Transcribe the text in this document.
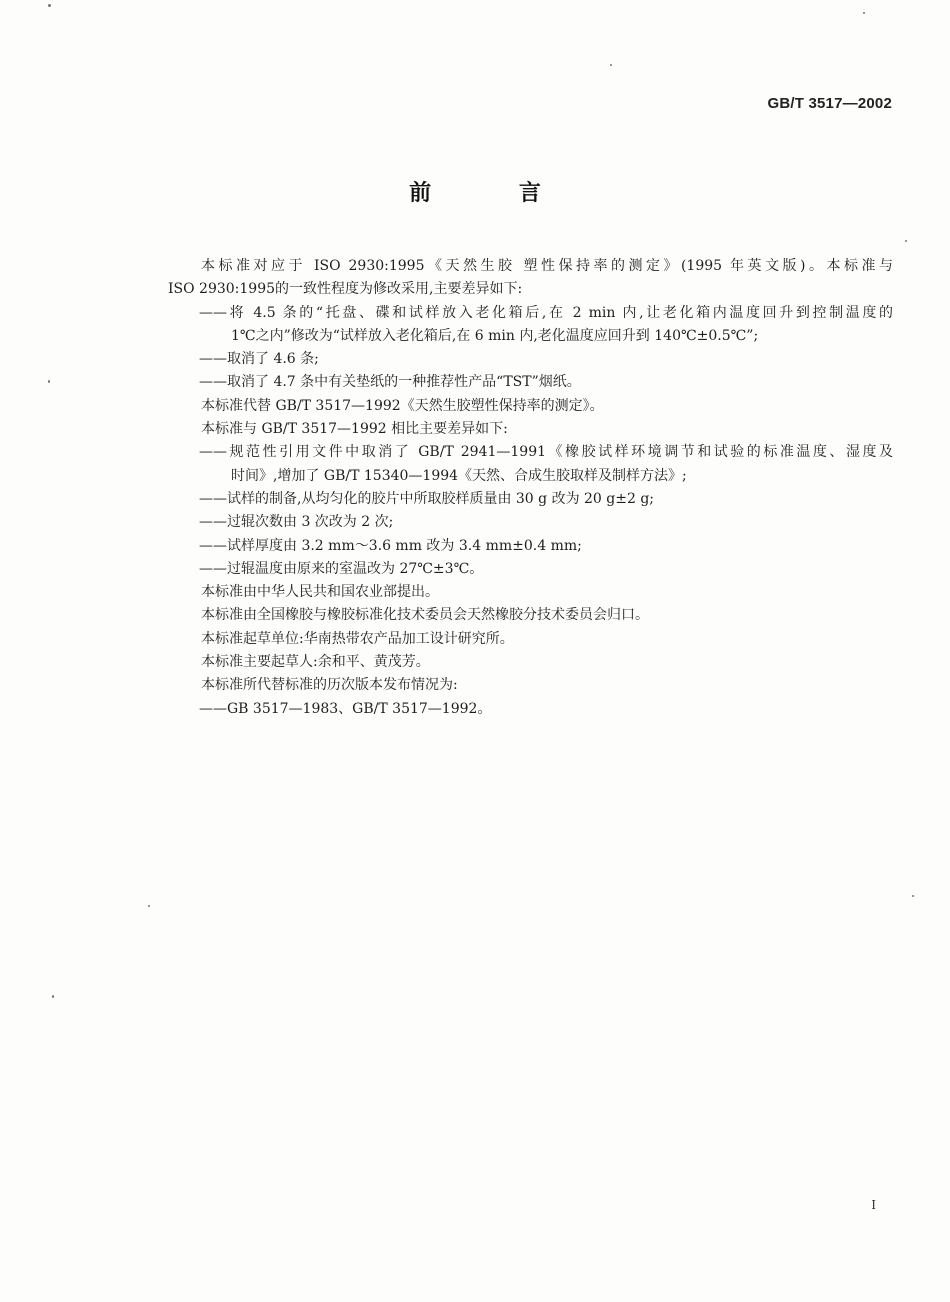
GB/T 3517—2002
前 言
本标准对应于 ISO 2930:1995《天然生胶 塑性保持率的测定》(1995 年英文版)。本标准与
ISO 2930:1995的一致性程度为修改采用,主要差异如下:
——将 4.5 条的“托盘、碟和试样放入老化箱后,在 2 min 内,让老化箱内温度回升到控制温度的
1℃之内”修改为“试样放入老化箱后,在 6 min 内,老化温度应回升到 140℃±0.5℃”;
——取消了 4.6 条;
——取消了 4.7 条中有关垫纸的一种推荐性产品“TST”烟纸。
本标准代替 GB/T 3517—1992《天然生胶塑性保持率的测定》。
本标准与 GB/T 3517—1992 相比主要差异如下:
——规范性引用文件中取消了 GB/T 2941—1991《橡胶试样环境调节和试验的标准温度、湿度及
时间》,增加了 GB/T 15340—1994《天然、合成生胶取样及制样方法》;
——试样的制备,从均匀化的胶片中所取胶样质量由 30 g 改为 20 g±2 g;
——过辊次数由 3 次改为 2 次;
——试样厚度由 3.2 mm～3.6 mm 改为 3.4 mm±0.4 mm;
——过辊温度由原来的室温改为 27℃±3℃。
本标准由中华人民共和国农业部提出。
本标准由全国橡胶与橡胶标准化技术委员会天然橡胶分技术委员会归口。
本标准起草单位:华南热带农产品加工设计研究所。
本标准主要起草人:余和平、黄茂芳。
本标准所代替标准的历次版本发布情况为:
——GB 3517—1983、GB/T 3517—1992。
I
